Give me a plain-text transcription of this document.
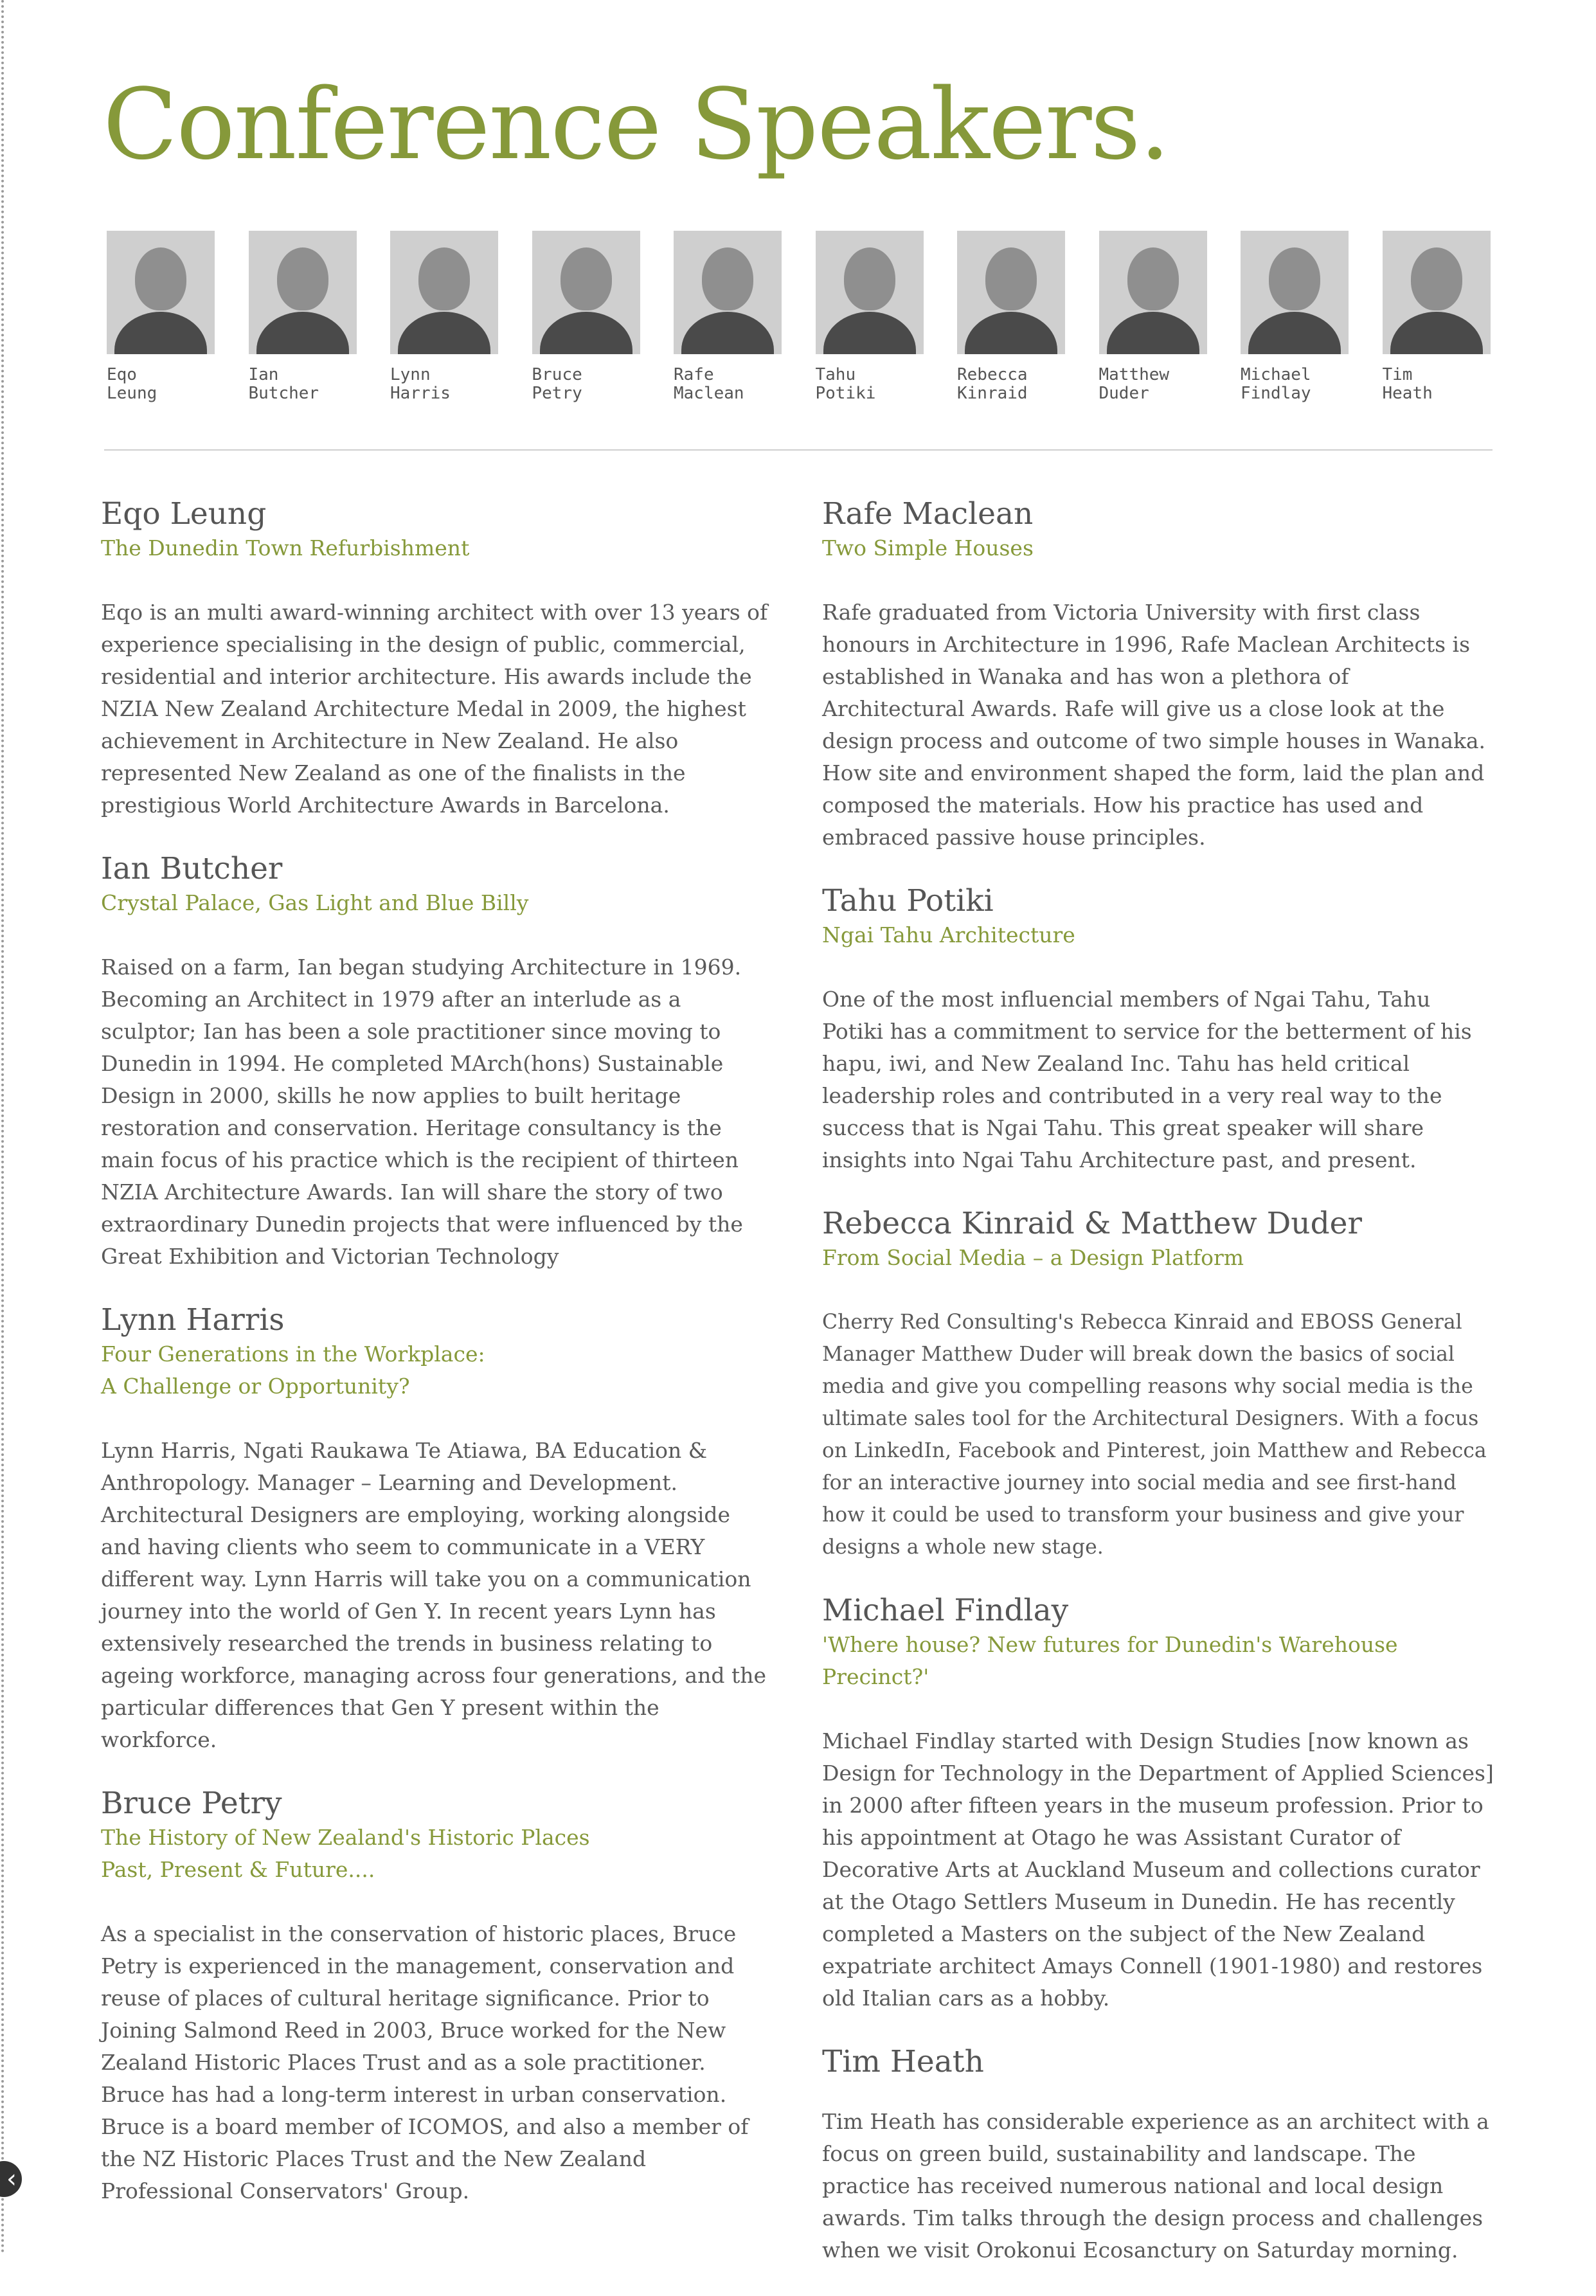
Conference Speakers.
Eqo
Leung
Ian
Butcher
Lynn
Harris
Bruce
Petry
Rafe
Maclean
Tahu
Potiki
Rebecca
Kinraid
Matthew
Duder
Michael
Findlay
Tim
Heath
Eqo Leung

The Dunedin Town Refurbishment

Eqo is an multi award-winning architect with over 13 years of experience specialising in the design of public, commercial, residential and interior architecture. His awards include the NZIA New Zealand Architecture Medal in 2009, the highest achievement in Architecture in New Zealand. He also represented New Zealand as one of the finalists in the prestigious World Architecture Awards in Barcelona.

Ian Butcher

Crystal Palace, Gas Light and Blue Billy

Raised on a farm, Ian began studying Architecture in 1969. Becoming an Architect in 1979 after an interlude as a sculptor; Ian has been a sole practitioner since moving to Dunedin in 1994. He completed MArch(hons) Sustainable Design in 2000, skills he now applies to built heritage restoration and conservation. Heritage consultancy is the main focus of his practice which is the recipient of thirteen NZIA Architecture Awards. Ian will share the story of two extraordinary Dunedin projects that were influenced by the Great Exhibition and Victorian Technology

Lynn Harris

Four Generations in the Workplace:
A Challenge or Opportunity?

Lynn Harris, Ngati Raukawa Te Atiawa, BA Education & Anthropology. Manager – Learning and Development. Architectural Designers are employing, working alongside and having clients who seem to communicate in a VERY different way. Lynn Harris will take you on a communication journey into the world of Gen Y. In recent years Lynn has extensively researched the trends in business relating to ageing workforce, managing across four generations, and the particular differences that Gen Y present within the workforce.

Bruce Petry

The History of New Zealand's Historic Places
Past, Present & Future....

As a specialist in the conservation of historic places, Bruce Petry is experienced in the management, conservation and reuse of places of cultural heritage significance. Prior to Joining Salmond Reed in 2003, Bruce worked for the New Zealand Historic Places Trust and as a sole practitioner. Bruce has had a long-term interest in urban conservation. Bruce is a board member of ICOMOS, and also a member of the NZ Historic Places Trust and the New Zealand Professional Conservators' Group.

Rafe Maclean

Two Simple Houses

Rafe graduated from Victoria University with first class honours in Architecture in 1996, Rafe Maclean Architects is established in Wanaka and has won a plethora of Architectural Awards. Rafe will give us a close look at the design process and outcome of two simple houses in Wanaka. How site and environment shaped the form, laid the plan and composed the materials. How his practice has used and embraced passive house principles.

Tahu Potiki

Ngai Tahu Architecture

One of the most influencial members of Ngai Tahu, Tahu Potiki has a commitment to service for the betterment of his hapu, iwi, and New Zealand Inc. Tahu has held critical leadership roles and contributed in a very real way to the success that is Ngai Tahu. This great speaker will share insights into Ngai Tahu Architecture past, and present.

Rebecca Kinraid & Matthew Duder

From Social Media – a Design Platform

Cherry Red Consulting's Rebecca Kinraid and EBOSS General Manager Matthew Duder will break down the basics of social media and give you compelling reasons why social media is the ultimate sales tool for the Architectural Designers. With a focus on LinkedIn, Facebook and Pinterest, join Matthew and Rebecca for an interactive journey into social media and see first-hand how it could be used to transform your business and give your designs a whole new stage.

Michael Findlay

'Where house? New futures for Dunedin's Warehouse Precinct?'

Michael Findlay started with Design Studies [now known as Design for Technology in the Department of Applied Sciences] in 2000 after fifteen years in the museum profession. Prior to his appointment at Otago he was Assistant Curator of Decorative Arts at Auckland Museum and collections curator at the Otago Settlers Museum in Dunedin. He has recently completed a Masters on the subject of the New Zealand expatriate architect Amays Connell (1901-1980) and restores old Italian cars as a hobby.

Tim Heath

Tim Heath has considerable experience as an architect with a focus on green build, sustainability and landscape. The practice has received numerous national and local design awards. Tim talks through the design process and challenges when we visit Orokonui Ecosanctury on Saturday morning.

‹
